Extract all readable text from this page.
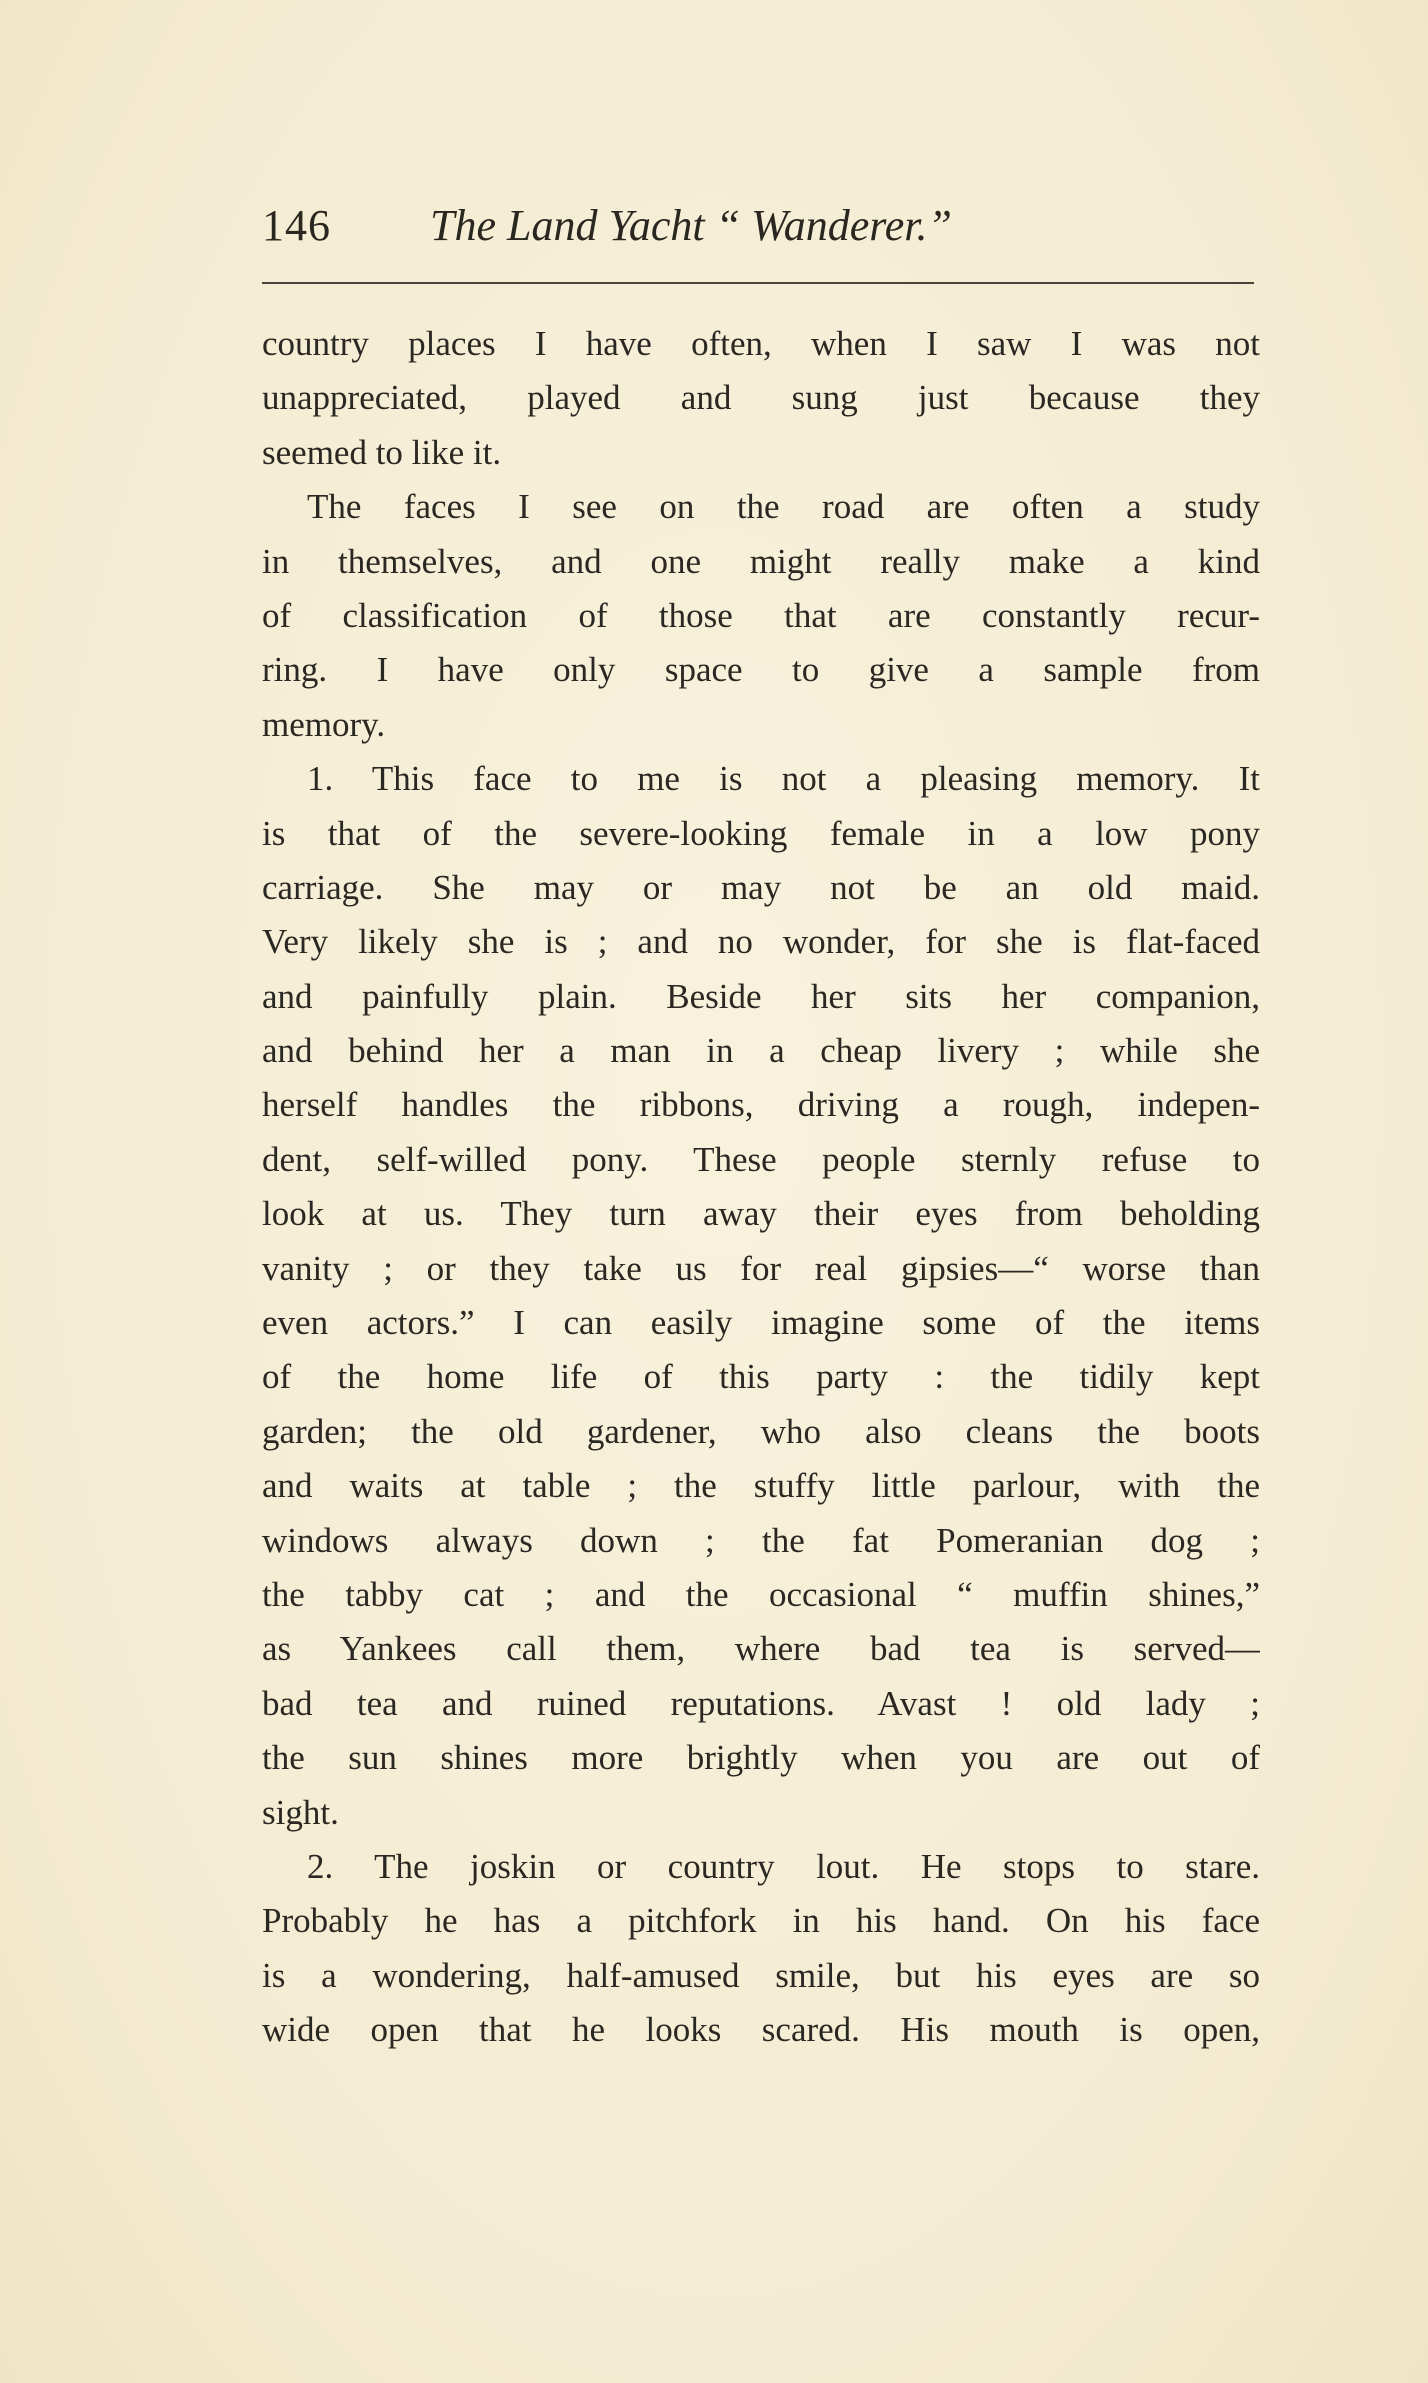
146 The Land Yacht “ Wanderer.”
country places I have often, when I saw I was not
unappreciated, played and sung just because they
seemed to like it.
The faces I see on the road are often a study
in themselves, and one might really make a kind
of classification of those that are constantly recur-
ring. I have only space to give a sample from
memory.
1. This face to me is not a pleasing memory. It
is that of the severe-looking female in a low pony
carriage. She may or may not be an old maid.
Very likely she is ; and no wonder, for she is flat-faced
and painfully plain. Beside her sits her companion,
and behind her a man in a cheap livery ; while she
herself handles the ribbons, driving a rough, indepen-
dent, self-willed pony. These people sternly refuse to
look at us. They turn away their eyes from beholding
vanity ; or they take us for real gipsies—“ worse than
even actors.” I can easily imagine some of the items
of the home life of this party : the tidily kept
garden; the old gardener, who also cleans the boots
and waits at table ; the stuffy little parlour, with the
windows always down ; the fat Pomeranian dog ;
the tabby cat ; and the occasional “ muffin shines,”
as Yankees call them, where bad tea is served—
bad tea and ruined reputations. Avast ! old lady ;
the sun shines more brightly when you are out of
sight.
2. The joskin or country lout. He stops to stare.
Probably he has a pitchfork in his hand. On his face
is a wondering, half-amused smile, but his eyes are so
wide open that he looks scared. His mouth is open,
